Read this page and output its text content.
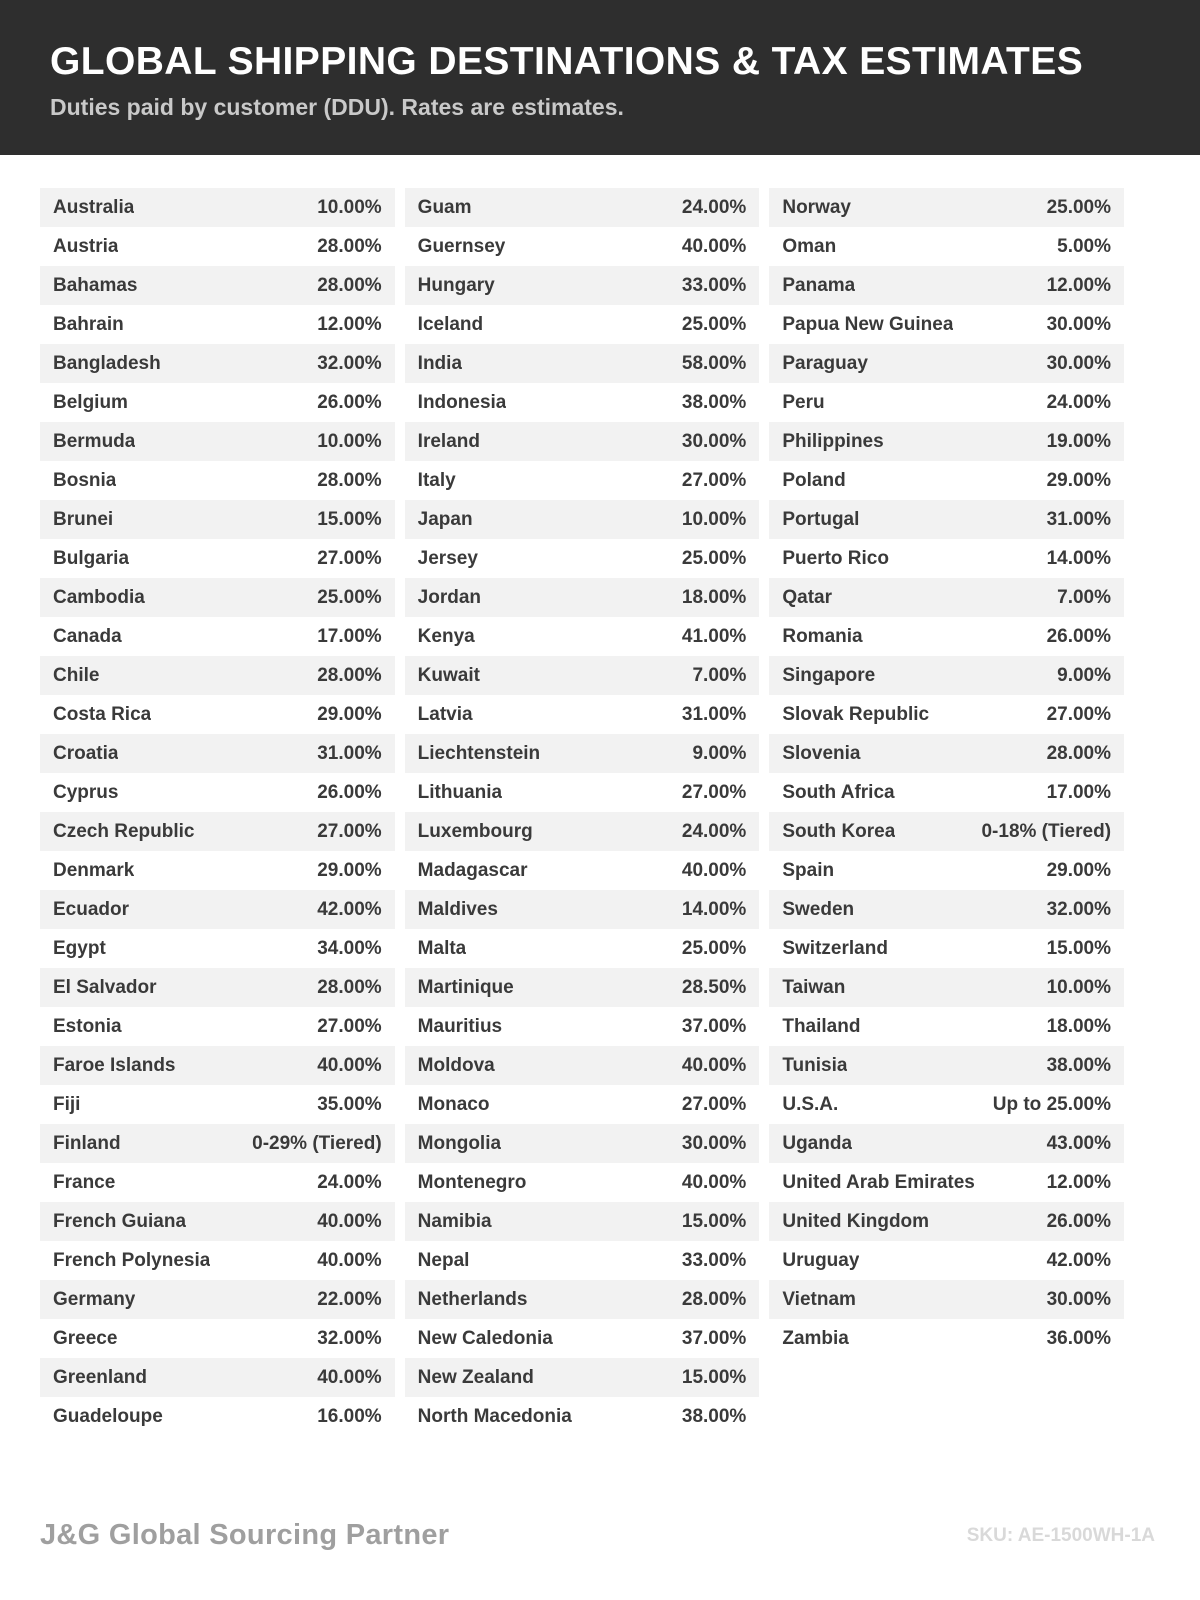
GLOBAL SHIPPING DESTINATIONS & TAX ESTIMATES

Duties paid by customer (DDU). Rates are estimates.

Australia	10.00%
Austria	28.00%
Bahamas	28.00%
Bahrain	12.00%
Bangladesh	32.00%
Belgium	26.00%
Bermuda	10.00%
Bosnia	28.00%
Brunei	15.00%
Bulgaria	27.00%
Cambodia	25.00%
Canada	17.00%
Chile	28.00%
Costa Rica	29.00%
Croatia	31.00%
Cyprus	26.00%
Czech Republic	27.00%
Denmark	29.00%
Ecuador	42.00%
Egypt	34.00%
El Salvador	28.00%
Estonia	27.00%
Faroe Islands	40.00%
Fiji	35.00%
Finland	0-29% (Tiered)
France	24.00%
French Guiana	40.00%
French Polynesia	40.00%
Germany	22.00%
Greece	32.00%
Greenland	40.00%
Guadeloupe	16.00%
Guam	24.00%
Guernsey	40.00%
Hungary	33.00%
Iceland	25.00%
India	58.00%
Indonesia	38.00%
Ireland	30.00%
Italy	27.00%
Japan	10.00%
Jersey	25.00%
Jordan	18.00%
Kenya	41.00%
Kuwait	7.00%
Latvia	31.00%
Liechtenstein	9.00%
Lithuania	27.00%
Luxembourg	24.00%
Madagascar	40.00%
Maldives	14.00%
Malta	25.00%
Martinique	28.50%
Mauritius	37.00%
Moldova	40.00%
Monaco	27.00%
Mongolia	30.00%
Montenegro	40.00%
Namibia	15.00%
Nepal	33.00%
Netherlands	28.00%
New Caledonia	37.00%
New Zealand	15.00%
North Macedonia	38.00%
Norway	25.00%
Oman	5.00%
Panama	12.00%
Papua New Guinea	30.00%
Paraguay	30.00%
Peru	24.00%
Philippines	19.00%
Poland	29.00%
Portugal	31.00%
Puerto Rico	14.00%
Qatar	7.00%
Romania	26.00%
Singapore	9.00%
Slovak Republic	27.00%
Slovenia	28.00%
South Africa	17.00%
South Korea	0-18% (Tiered)
Spain	29.00%
Sweden	32.00%
Switzerland	15.00%
Taiwan	10.00%
Thailand	18.00%
Tunisia	38.00%
U.S.A.	Up to 25.00%
Uganda	43.00%
United Arab Emirates	12.00%
United Kingdom	26.00%
Uruguay	42.00%
Vietnam	30.00%
Zambia	36.00%
J&G Global Sourcing Partner	SKU: AE-1500WH-1A
